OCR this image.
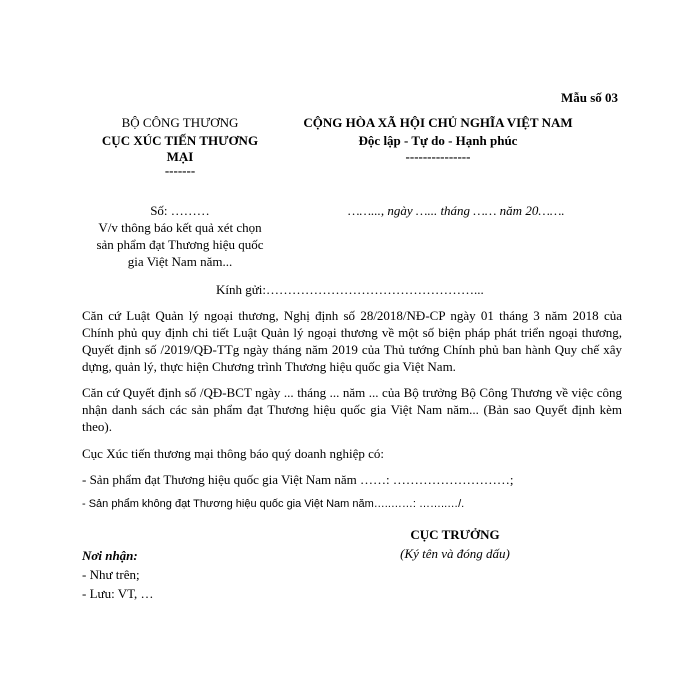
Mẫu số 03
BỘ CÔNG THƯƠNG
CỤC XÚC TIẾN THƯƠNG
MẠI
-------
CỘNG HÒA XÃ HỘI CHỦ NGHĨA VIỆT NAM
Độc lập - Tự do - Hạnh phúc
---------------
Số: ………
V/v thông báo kết quả xét chọn
sản phẩm đạt Thương hiệu quốc
gia Việt Nam năm...
……..., ngày …... tháng …… năm 20…….
Kính gửi:…………………………………………...
Căn cứ Luật Quản lý ngoại thương, Nghị định số 28/2018/NĐ-CP ngày 01 tháng 3 năm 2018 của Chính phủ quy định chi tiết Luật Quản lý ngoại thương về một số biện pháp phát triển ngoại thương, Quyết định số /2019/QĐ-TTg ngày tháng năm 2019 của Thủ tướng Chính phủ ban hành Quy chế xây dựng, quản lý, thực hiện Chương trình Thương hiệu quốc gia Việt Nam.
Căn cứ Quyết định số /QĐ-BCT ngày ... tháng ... năm ... của Bộ trưởng Bộ Công Thương về việc công nhận danh sách các sản phẩm đạt Thương hiệu quốc gia Việt Nam năm... (Bản sao Quyết định kèm theo).
Cục Xúc tiến thương mại thông báo quý doanh nghiệp có:
- Sản phẩm đạt Thương hiệu quốc gia Việt Nam năm ……: ………………………;
- Sản phẩm không đạt Thương hiệu quốc gia Việt Nam năm…..……: ……..…/.
CỤC TRƯỞNG
(Ký tên và đóng dấu)
Nơi nhận:
- Như trên;
- Lưu: VT, …
